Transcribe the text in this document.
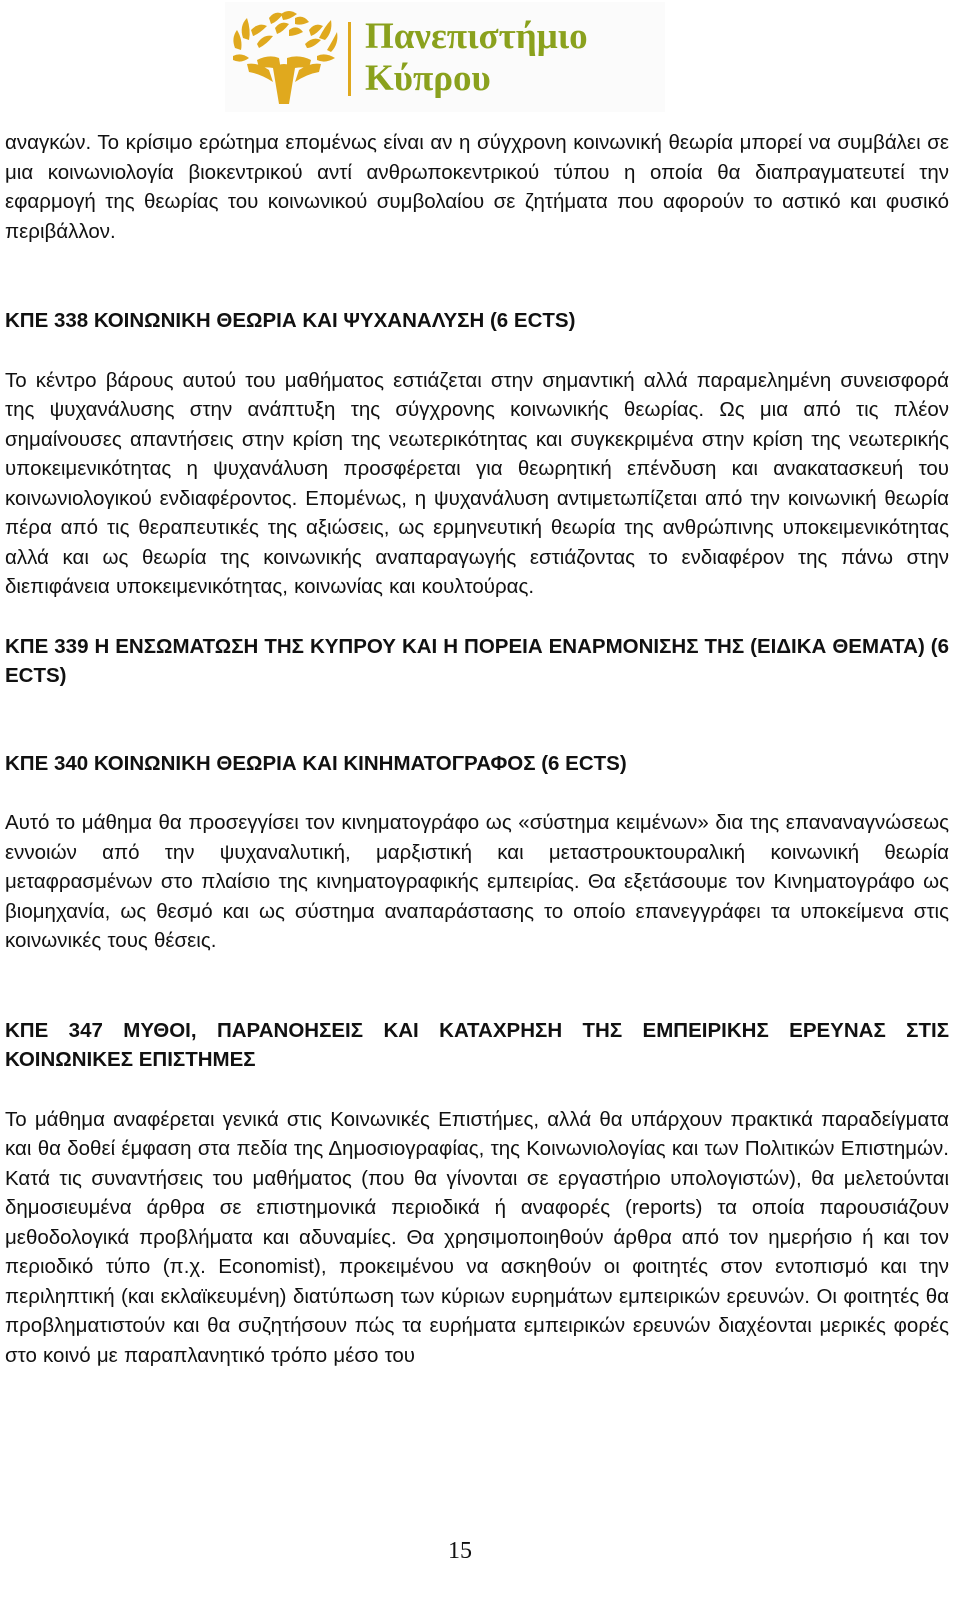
Πανεπιστήμιο
Κύπρου

αναγκών. Το κρίσιμο ερώτημα επομένως είναι αν η σύγχρονη κοινωνική θεωρία μπορεί να συμβάλει σε μια κοινωνιολογία βιοκεντρικού αντί ανθρωποκεντρικού τύπου η οποία θα διαπραγματευτεί την εφαρμογή της θεωρίας του κοινωνικού συμβολαίου σε ζητήματα που αφορούν το αστικό και φυσικό περιβάλλον.

ΚΠΕ 338 ΚΟΙΝΩΝΙΚΗ ΘΕΩΡΙΑ ΚΑΙ ΨΥΧΑΝΑΛΥΣΗ (6 ECTS)

Το κέντρο βάρους αυτού του μαθήματος εστιάζεται στην σημαντική αλλά παραμελημένη συνεισφορά της ψυχανάλυσης στην ανάπτυξη της σύγχρονης κοινωνικής θεωρίας. Ως μια από τις πλέον σημαίνουσες απαντήσεις στην κρίση της νεωτερικότητας και συγκεκριμένα στην κρίση της νεωτερικής υποκειμενικότητας η ψυχανάλυση προσφέρεται για θεωρητική επένδυση και ανακατασκευή του κοινωνιολογικού ενδιαφέροντος. Επομένως, η ψυχανάλυση αντιμετωπίζεται από την κοινωνική θεωρία πέρα από τις θεραπευτικές της αξιώσεις, ως ερμηνευτική θεωρία της ανθρώπινης υποκειμενικότητας αλλά και ως θεωρία της κοινωνικής αναπαραγωγής εστιάζοντας το ενδιαφέρον της πάνω στην διεπιφάνεια υποκειμενικότητας, κοινωνίας και κουλτούρας.

ΚΠΕ 339 Η ΕΝΣΩΜΑΤΩΣΗ ΤΗΣ ΚΥΠΡΟΥ ΚΑΙ Η ΠΟΡΕΙΑ ΕΝΑΡΜΟΝΙΣΗΣ ΤΗΣ (ΕΙΔΙΚΑ ΘΕΜΑΤΑ) (6 ECTS)

ΚΠΕ 340 ΚΟΙΝΩΝΙΚΗ ΘΕΩΡΙΑ ΚΑΙ ΚΙΝΗΜΑΤΟΓΡΑΦΟΣ (6 ECTS)

Αυτό το μάθημα θα προσεγγίσει τον κινηματογράφο ως «σύστημα κειμένων» δια της επαναναγνώσεως εννοιών από την ψυχαναλυτική, μαρξιστική και μεταστρουκτουραλική κοινωνική θεωρία μεταφρασμένων στο πλαίσιο της κινηματογραφικής εμπειρίας. Θα εξετάσουμε τον Κινηματογράφο ως βιομηχανία, ως θεσμό και ως σύστημα αναπαράστασης το οποίο επανεγγράφει τα υποκείμενα στις κοινωνικές τους θέσεις.

ΚΠΕ 347 ΜΥΘΟΙ, ΠΑΡΑΝΟΗΣΕΙΣ ΚΑΙ ΚΑΤΑΧΡΗΣΗ ΤΗΣ ΕΜΠΕΙΡΙΚΗΣ ΕΡΕΥΝΑΣ ΣΤΙΣ ΚΟΙΝΩΝΙΚΕΣ ΕΠΙΣΤΗΜΕΣ

Το μάθημα αναφέρεται γενικά στις Κοινωνικές Επιστήμες, αλλά θα υπάρχουν πρακτικά παραδείγματα και θα δοθεί έμφαση στα πεδία της Δημοσιογραφίας, της Κοινωνιολογίας και των Πολιτικών Επιστημών. Κατά τις συναντήσεις του μαθήματος (που θα γίνονται σε εργαστήριο υπολογιστών), θα μελετούνται δημοσιευμένα άρθρα σε επιστημονικά περιοδικά ή αναφορές (reports) τα οποία παρουσιάζουν μεθοδολογικά προβλήματα και αδυναμίες. Θα χρησιμοποιηθούν άρθρα από τον ημερήσιο ή και τον περιοδικό τύπο (π.χ. Economist), προκειμένου να ασκηθούν οι φοιτητές στον εντοπισμό και την περιληπτική (και εκλαϊκευμένη) διατύπωση των κύριων ευρημάτων εμπειρικών ερευνών. Οι φοιτητές θα προβληματιστούν και θα συζητήσουν πώς τα ευρήματα εμπειρικών ερευνών διαχέονται μερικές φορές στο κοινό με παραπλανητικό τρόπο μέσο του

15
